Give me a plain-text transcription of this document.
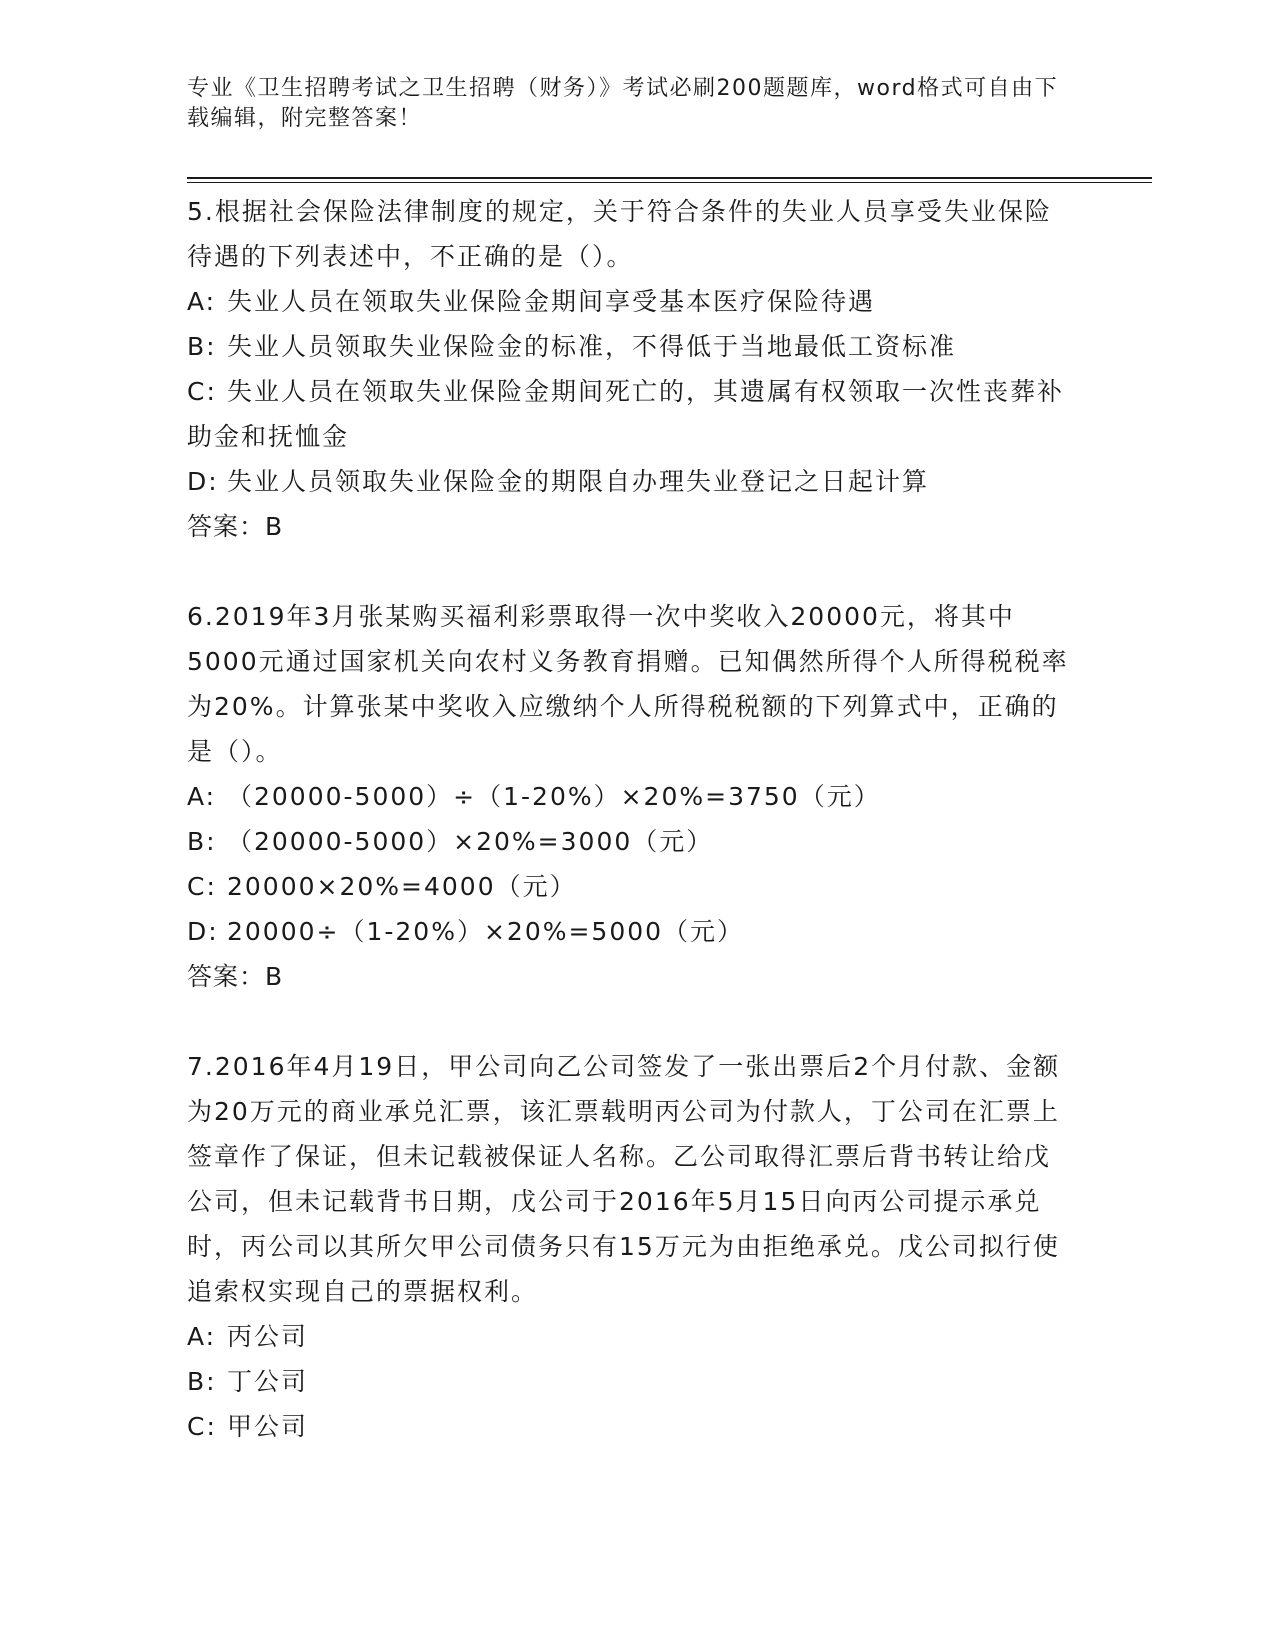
专业《卫生招聘考试之卫生招聘（财务）》考试必刷200题题库，word格式可自由下载编辑，附完整答案！

5.根据社会保险法律制度的规定，关于符合条件的失业人员享受失业保险待遇的下列表述中，不正确的是（）。

A: 失业人员在领取失业保险金期间享受基本医疗保险待遇

B: 失业人员领取失业保险金的标准，不得低于当地最低工资标准

C: 失业人员在领取失业保险金期间死亡的，其遗属有权领取一次性丧葬补助金和抚恤金

D: 失业人员领取失业保险金的期限自办理失业登记之日起计算

答案：B

6.2019年3月张某购买福利彩票取得一次中奖收入20000元，将其中5000元通过国家机关向农村义务教育捐赠。已知偶然所得个人所得税税率为20%。计算张某中奖收入应缴纳个人所得税税额的下列算式中，正确的是（）。

A: （20000-5000）÷（1-20%）×20%=3750（元）

B: （20000-5000）×20%=3000（元）

C: 20000×20%=4000（元）

D: 20000÷（1-20%）×20%=5000（元）

答案：B

7.2016年4月19日，甲公司向乙公司签发了一张出票后2个月付款、金额为20万元的商业承兑汇票，该汇票载明丙公司为付款人，丁公司在汇票上签章作了保证，但未记载被保证人名称。乙公司取得汇票后背书转让给戊公司，但未记载背书日期，戊公司于2016年5月15日向丙公司提示承兑时，丙公司以其所欠甲公司债务只有15万元为由拒绝承兑。戊公司拟行使追索权实现自己的票据权利。

A: 丙公司

B: 丁公司

C: 甲公司
